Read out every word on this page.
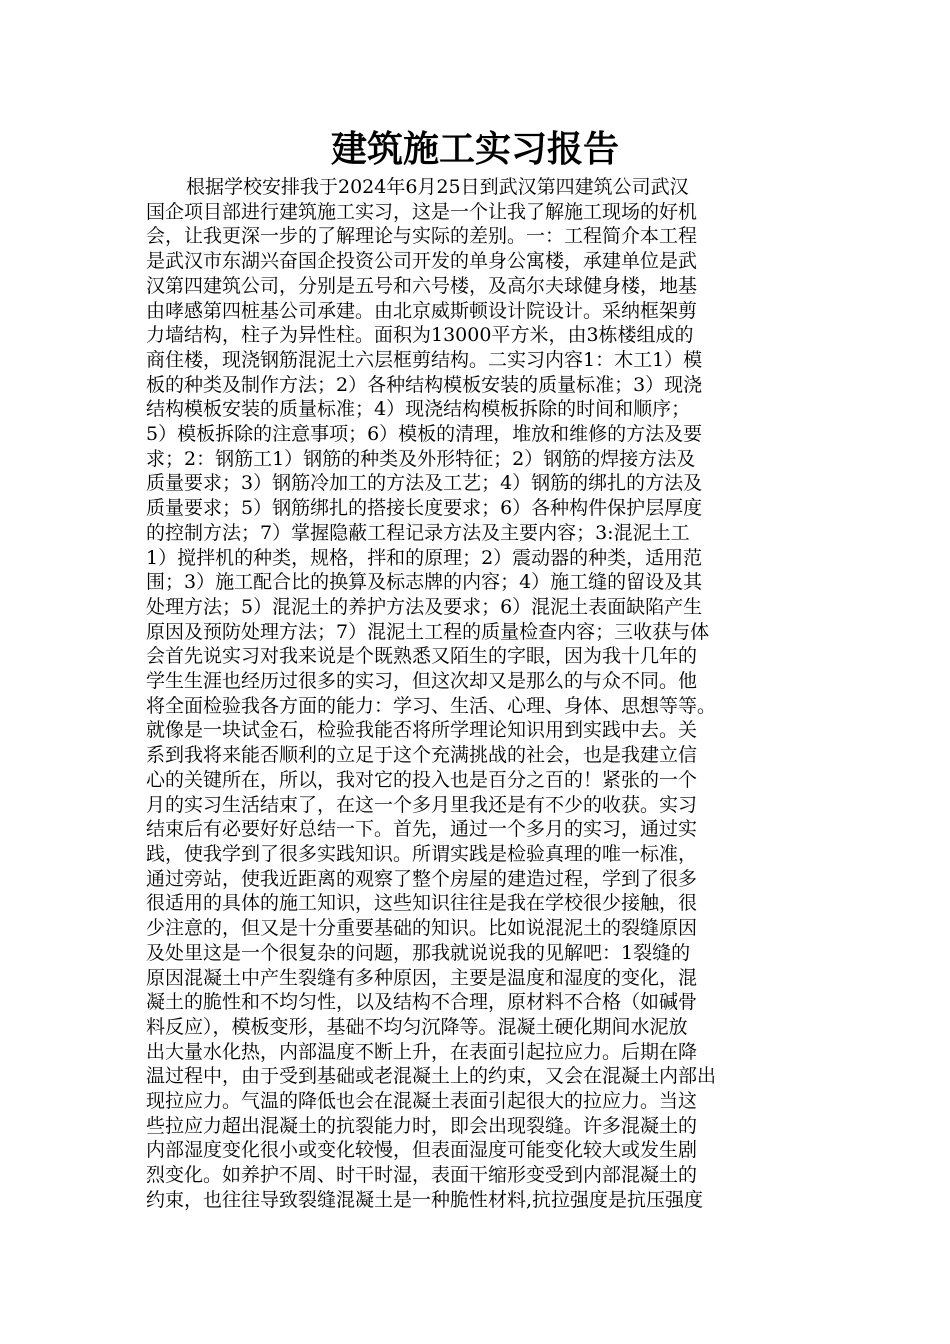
建筑施工实习报告
根据学校安排我于2024年6月25日到武汉第四建筑公司武汉
国企项目部进行建筑施工实习，这是一个让我了解施工现场的好机
会，让我更深一步的了解理论与实际的差别。一：工程简介本工程
是武汉市东湖兴奋国企投资公司开发的单身公寓楼，承建单位是武
汉第四建筑公司，分别是五号和六号楼，及高尔夫球健身楼，地基
由哮感第四桩基公司承建。由北京威斯顿设计院设计。采纳框架剪
力墙结构，柱子为异性柱。面积为13000平方米，由3栋楼组成的
商住楼，现浇钢筋混泥土六层框剪结构。二实习内容1：木工1）模
板的种类及制作方法；2）各种结构模板安装的质量标准；3）现浇
结构模板安装的质量标准；4）现浇结构模板拆除的时间和顺序；
5）模板拆除的注意事项；6）模板的清理，堆放和维修的方法及要
求；2：钢筋工1）钢筋的种类及外形特征；2）钢筋的焊接方法及
质量要求；3）钢筋冷加工的方法及工艺；4）钢筋的绑扎的方法及
质量要求；5）钢筋绑扎的搭接长度要求；6）各种构件保护层厚度
的控制方法；7）掌握隐蔽工程记录方法及主要内容；3:混泥土工
1）搅拌机的种类，规格，拌和的原理；2）震动器的种类，适用范
围；3）施工配合比的换算及标志牌的内容；4）施工缝的留设及其
处理方法；5）混泥土的养护方法及要求；6）混泥土表面缺陷产生
原因及预防处理方法；7）混泥土工程的质量检查内容；三收获与体
会首先说实习对我来说是个既熟悉又陌生的字眼，因为我十几年的
学生生涯也经历过很多的实习，但这次却又是那么的与众不同。他
将全面检验我各方面的能力：学习、生活、心理、身体、思想等等。
就像是一块试金石，检验我能否将所学理论知识用到实践中去。关
系到我将来能否顺利的立足于这个充满挑战的社会，也是我建立信
心的关键所在，所以，我对它的投入也是百分之百的！紧张的一个
月的实习生活结束了，在这一个多月里我还是有不少的收获。实习
结束后有必要好好总结一下。首先，通过一个多月的实习，通过实
践，使我学到了很多实践知识。所谓实践是检验真理的唯一标准，
通过旁站，使我近距离的观察了整个房屋的建造过程，学到了很多
很适用的具体的施工知识，这些知识往往是我在学校很少接触，很
少注意的，但又是十分重要基础的知识。比如说混泥土的裂缝原因
及处里这是一个很复杂的问题，那我就说说我的见解吧：1裂缝的
原因混凝土中产生裂缝有多种原因，主要是温度和湿度的变化，混
凝土的脆性和不均匀性，以及结构不合理，原材料不合格（如碱骨
料反应），模板变形，基础不均匀沉降等。混凝土硬化期间水泥放
出大量水化热，内部温度不断上升，在表面引起拉应力。后期在降
温过程中，由于受到基础或老混凝土上的约束，又会在混凝土内部出
现拉应力。气温的降低也会在混凝土表面引起很大的拉应力。当这
些拉应力超出混凝土的抗裂能力时，即会出现裂缝。许多混凝土的
内部湿度变化很小或变化较慢，但表面湿度可能变化较大或发生剧
烈变化。如养护不周、时干时湿，表面干缩形变受到内部混凝土的
约束，也往往导致裂缝混凝土是一种脆性材料,抗拉强度是抗压强度
